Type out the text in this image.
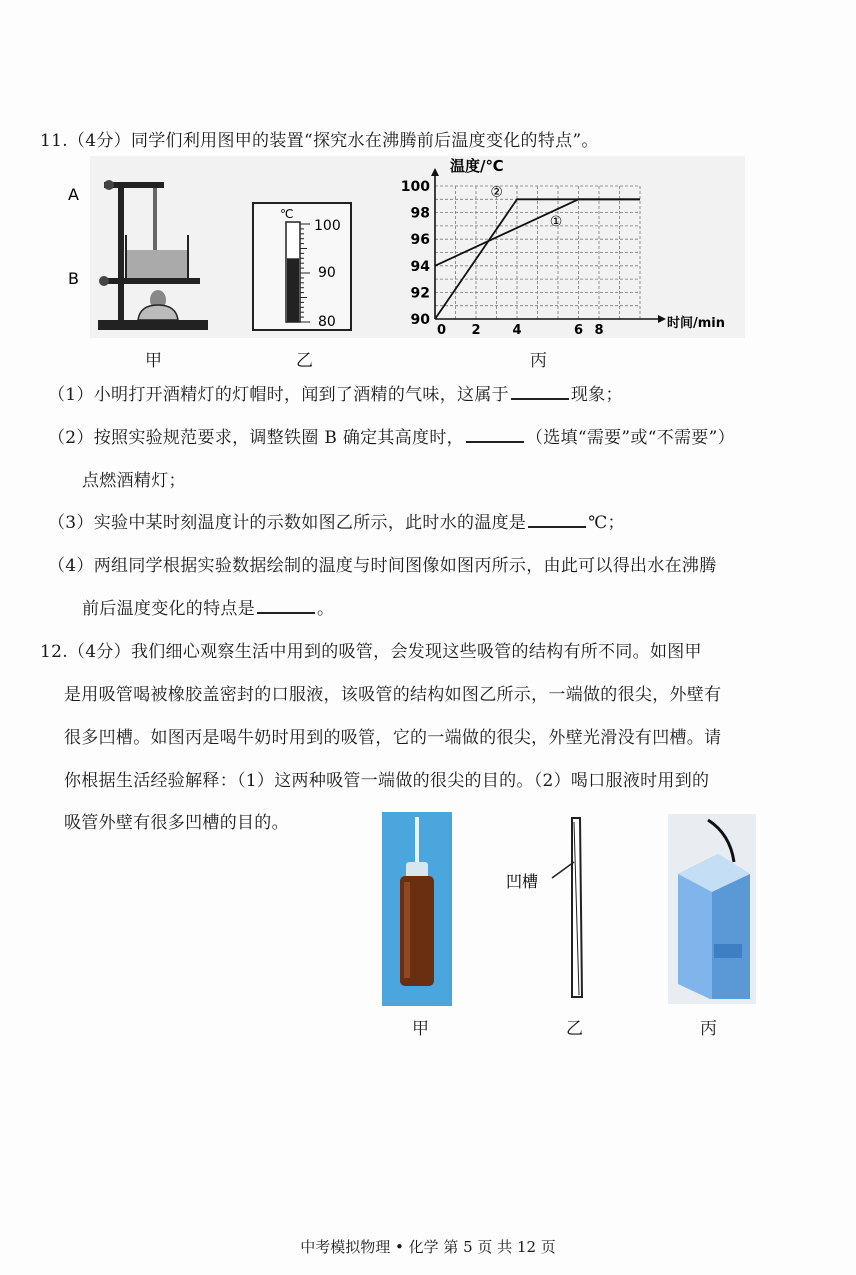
11.（4分）同学们利用图甲的装置“探究水在沸腾前后温度变化的特点”。
A
B
℃
100
90
80
温度/℃
时间/min
100
98
96
94
92
90
2 4	8
6
0
②
①
甲	乙	丙
（1）小明打开酒精灯的灯帽时，闻到了酒精的气味，这属于	现象；
（2）按照实验规范要求，调整铁圈 B 确定其高度时，	（选填“需要”或“不需要”）
点燃酒精灯；
（3）实验中某时刻温度计的示数如图乙所示，此时水的温度是	℃；
（4）两组同学根据实验数据绘制的温度与时间图像如图丙所示，由此可以得出水在沸腾
前后温度变化的特点是	。
12.（4分）我们细心观察生活中用到的吸管，会发现这些吸管的结构有所不同。如图甲
是用吸管喝被橡胶盖密封的口服液，该吸管的结构如图乙所示，一端做的很尖，外壁有
很多凹槽。如图丙是喝牛奶时用到的吸管，它的一端做的很尖，外壁光滑没有凹槽。请
你根据生活经验解释：（1）这两种吸管一端做的很尖的目的。（2）喝口服液时用到的
吸管外壁有很多凹槽的目的。
凹槽
甲	乙	丙
中考模拟物理 • 化学 第 5 页 共 12 页
